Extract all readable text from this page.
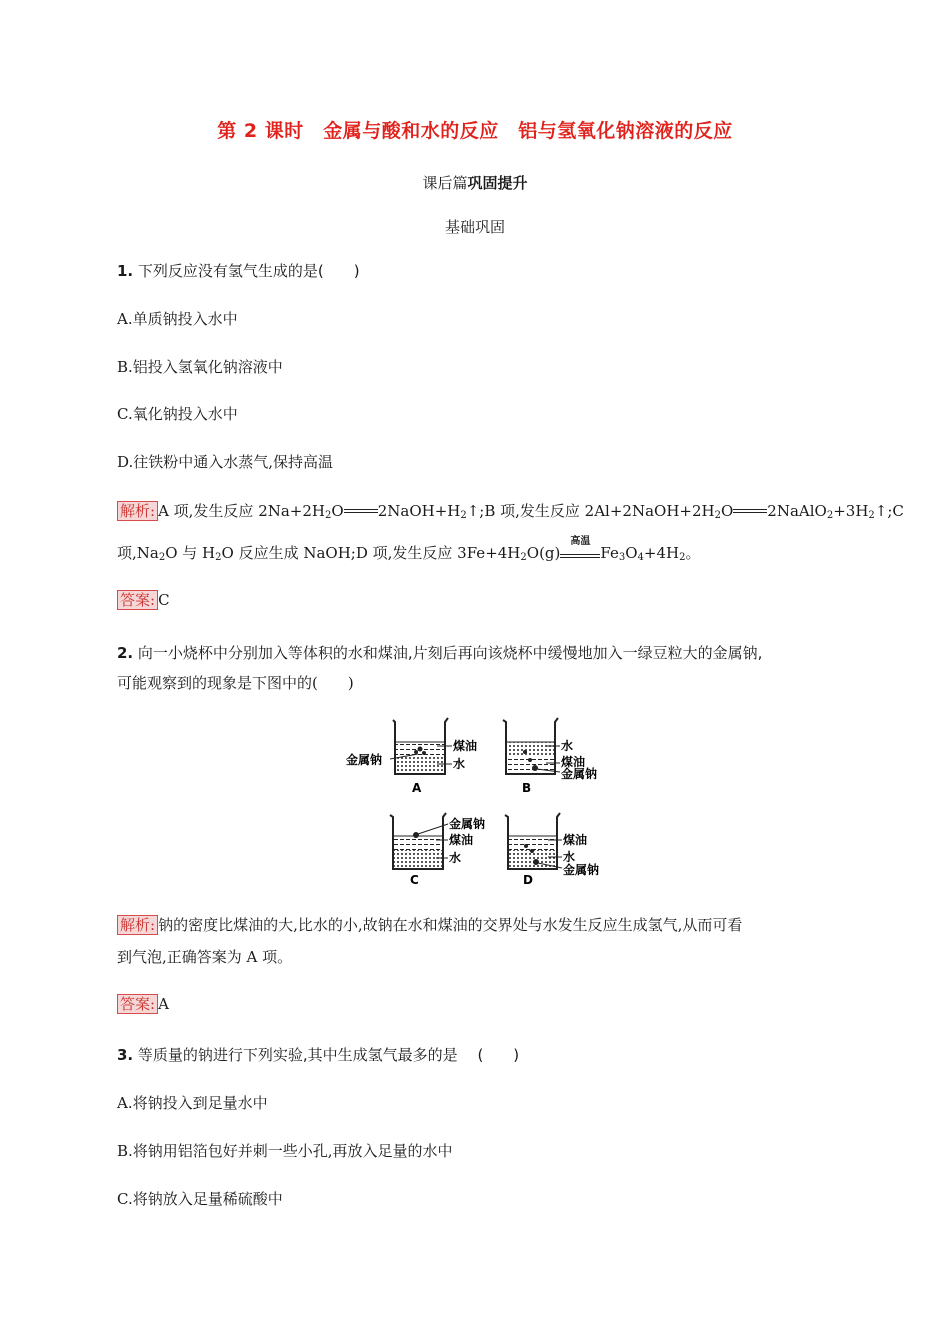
第 2 课时　金属与酸和水的反应　铝与氢氧化钠溶液的反应
课后篇巩固提升
基础巩固
1. 下列反应没有氢气生成的是(　　)
A.单质钠投入水中
B.铝投入氢氧化钠溶液中
C.氧化钠投入水中
D.往铁粉中通入水蒸气,保持高温
解析: A 项,发生反应 $2Na+2H_2O$ $2NaOH+H_2↑;B$ 项,发生反应 $2Al+2NaOH+2H_2O$ $2NaAlO_2+3H_2↑;C$
项$,Na_2O$ 与 $H_2O$ 反应生成 NaOH;D 项,发生反应 $3Fe+4H_2O(g)$
高温
$Fe_3O_4+4H_2$。
答案: C
2. 向一小烧杯中分别加入等体积的水和煤油,片刻后再向该烧杯中缓慢地加入一绿豆粒大的金属钠,
可能观察到的现象是下图中的(　　)
煤油
水
金属钠
A
水
煤油
金属钠
B
金属钠
煤油
水
C
煤油
水
金属钠
D
解析: 钠的密度比煤油的大,比水的小,故钠在水和煤油的交界处与水发生反应生成氢气,从而可看
到气泡,正确答案为 A 项。
答案: A
3. 等质量的钠进行下列实验,其中生成氢气最多的是　 (　　)
A.将钠投入到足量水中
B.将钠用铝箔包好并刺一些小孔,再放入足量的水中
C.将钠放入足量稀硫酸中
